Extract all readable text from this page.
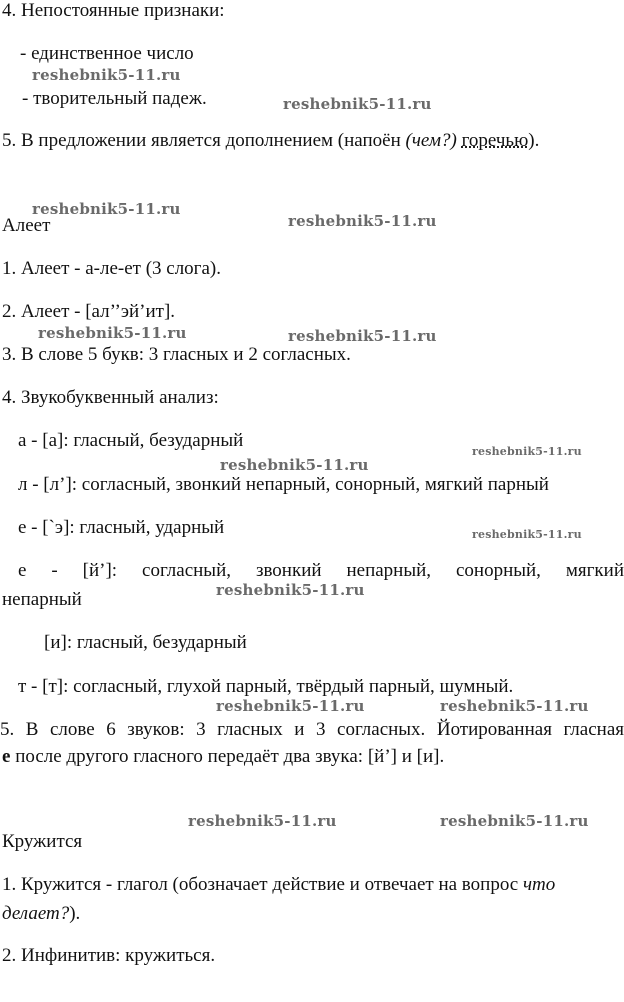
4. Непостоянные признаки:
- единственное число
- творительный падеж.
5. В предложении является дополнением (напоён (чем?) горечью).
Алеет
1. Алеет - а-ле-ет (3 слога).
2. Алеет - [ал’’эй’ит].
3. В слове 5 букв: 3 гласных и 2 согласных.
4. Звукобуквенный анализ:
а - [а]: гласный, безударный
л - [л’]: согласный, звонкий непарный, сонорный, мягкий парный
е - [`э]: гласный, ударный
е - [й’]: согласный, звонкий непарный, сонорный, мягкий
непарный
[и]: гласный, безударный
т - [т]: согласный, глухой парный, твёрдый парный, шумный.
5. В слове 6 звуков: 3 гласных и 3 согласных. Йотированная гласная
е после другого гласного передаёт два звука: [й’] и [и].
Кружится
1. Кружится - глагол (обозначает действие и отвечает на вопрос что
делает?).
2. Инфинитив: кружиться.
reshebnik5-11.ru
reshebnik5-11.ru
reshebnik5-11.ru
reshebnik5-11.ru
reshebnik5-11.ru	reshebnik5-11.ru
reshebnik5-11.ru
reshebnik5-11.ru
reshebnik5-11.ru
reshebnik5-11.ru
reshebnik5-11.ru	reshebnik5-11.ru
reshebnik5-11.ru	reshebnik5-11.ru
